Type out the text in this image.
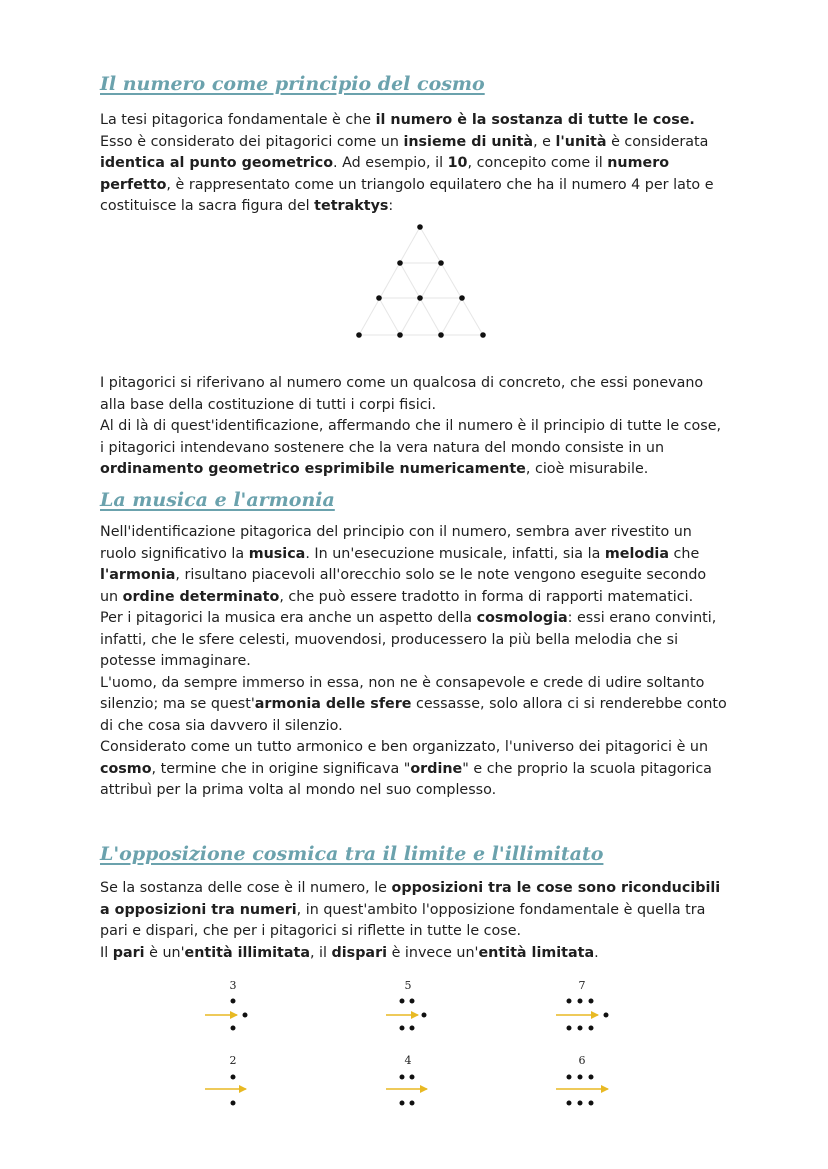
Il numero come principio del cosmo

La tesi pitagorica fondamentale è che il numero è la sostanza di tutte le cose. Esso è considerato dei pitagorici come un insieme di unità, e l'unità è considerata identica al punto geometrico. Ad esempio, il 10, concepito come il numero perfetto, è rappresentato come un triangolo equilatero che ha il numero 4 per lato e costituisce la sacra figura del tetraktys:

I pitagorici si riferivano al numero come un qualcosa di concreto, che essi ponevano alla base della costituzione di tutti i corpi fisici.
Al di là di quest'identificazione, affermando che il numero è il principio di tutte le cose, i pitagorici intendevano sostenere che la vera natura del mondo consiste in un ordinamento geometrico esprimibile numericamente, cioè misurabile.

La musica e l'armonia

Nell'identificazione pitagorica del principio con il numero, sembra aver rivestito un ruolo significativo la musica. In un'esecuzione musicale, infatti, sia la melodia che l'armonia, risultano piacevoli all'orecchio solo se le note vengono eseguite secondo un ordine determinato, che può essere tradotto in forma di rapporti matematici.
Per i pitagorici la musica era anche un aspetto della cosmologia: essi erano convinti, infatti, che le sfere celesti, muovendosi, producessero la più bella melodia che si potesse immaginare.
L'uomo, da sempre immerso in essa, non ne è consapevole e crede di udire soltanto silenzio; ma se quest'armonia delle sfere cessasse, solo allora ci si renderebbe conto di che cosa sia davvero il silenzio.
Considerato come un tutto armonico e ben organizzato, l'universo dei pitagorici è un cosmo, termine che in origine significava "ordine" e che proprio la scuola pitagorica attribuì per la prima volta al mondo nel suo complesso.

L'opposizione cosmica tra il limite e l'illimitato

Se la sostanza delle cose è il numero, le opposizioni tra le cose sono riconducibili a opposizioni tra numeri, in quest'ambito l'opposizione fondamentale è quella tra pari e dispari, che per i pitagorici si riflette in tutte le cose.
Il pari è un'entità illimitata, il dispari è invece un'entità limitata.

3	5	7
2	4	6
